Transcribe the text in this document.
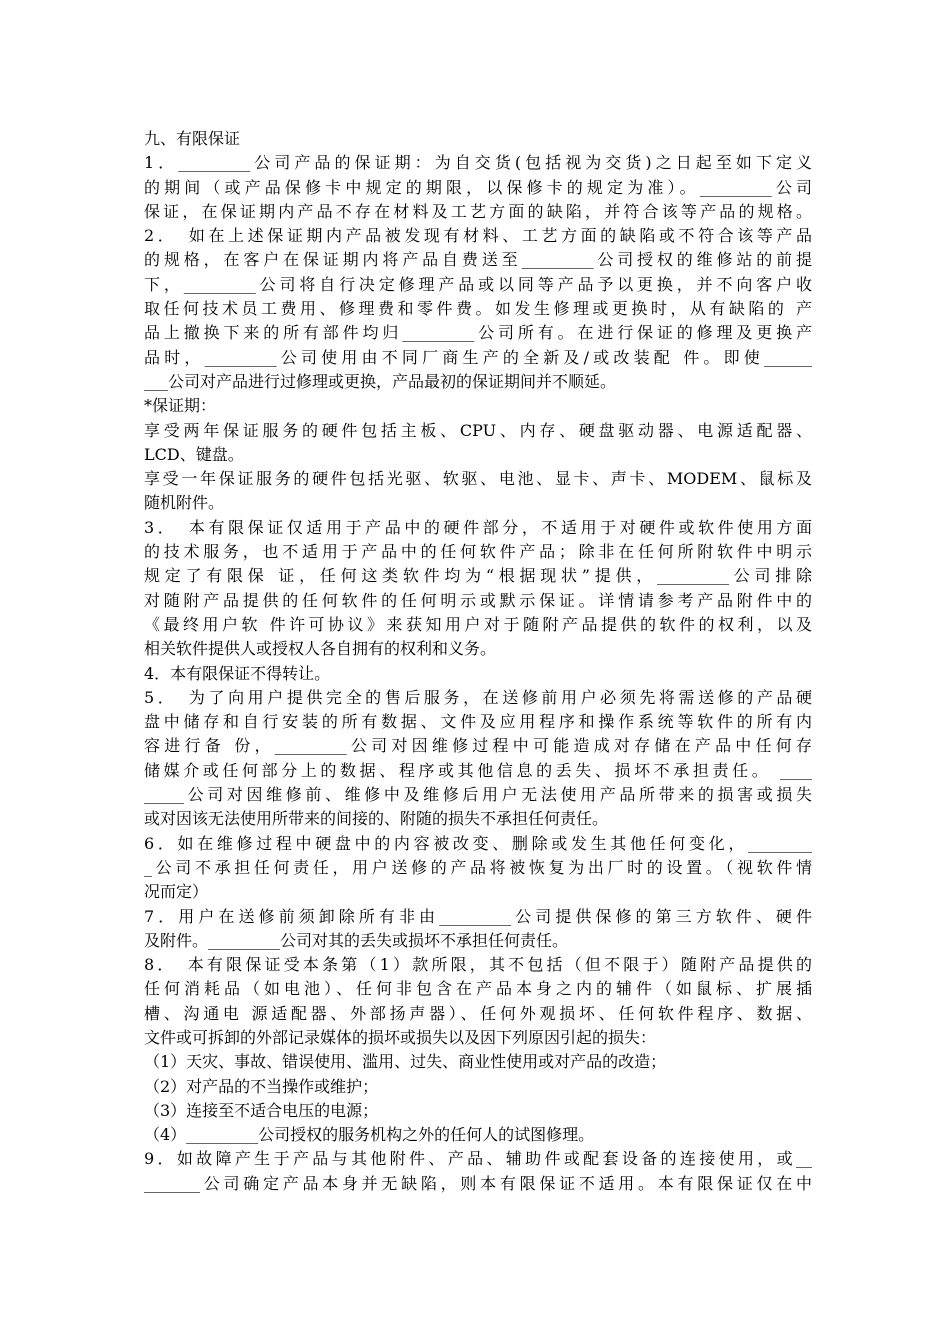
九、有限保证
1．_________公司产品的保证期：为自交货(包括视为交货)之日起至如下定义
的期间（或产品保修卡中规定的期限，以保修卡的规定为准）。_________公司
保证，在保证期内产品不存在材料及工艺方面的缺陷，并符合该等产品的规格。
2．　如在上述保证期内产品被发现有材料、工艺方面的缺陷或不符合该等产品
的规格，在客户在保证期内将产品自费送至_________公司授权的维修站的前提
下，_________公司将自行决定修理产品或以同等产品予以更换，并不向客户收
取任何技术员工费用、修理费和零件费。如发生修理或更换时，从有缺陷的 产
品上撤换下来的所有部件均归_________公司所有。在进行保证的修理及更换产
品时，_________公司使用由不同厂商生产的全新及/或改装配 件。即使______
___公司对产品进行过修理或更换，产品最初的保证期间并不顺延。
*保证期：
享受两年保证服务的硬件包括主板、CPU、内存、硬盘驱动器、电源适配器、
LCD、键盘。
享受一年保证服务的硬件包括光驱、软驱、电池、显卡、声卡、MODEM、鼠标及
随机附件。
3．　本有限保证仅适用于产品中的硬件部分，不适用于对硬件或软件使用方面
的技术服务，也不适用于产品中的任何软件产品；除非在任何所附软件中明示
规定了有限保 证，任何这类软件均为“根据现状”提供，_________公司排除
对随附产品提供的任何软件的任何明示或默示保证。详情请参考产品附件中的
《最终用户软 件许可协议》来获知用户对于随附产品提供的软件的权利，以及
相关软件提供人或授权人各自拥有的权利和义务。
4．本有限保证不得转让。
5．　为了向用户提供完全的售后服务，在送修前用户必须先将需送修的产品硬
盘中储存和自行安装的所有数据、文件及应用程序和操作系统等软件的所有内
容进行备 份，_________公司对因维修过程中可能造成对存储在产品中任何存
储媒介或任何部分上的数据、程序或其他信息的丢失、损坏不承担责任。 ____
_____公司对因维修前、维修中及维修后用户无法使用产品所带来的损害或损失
或对因该无法使用所带来的间接的、附随的损失不承担任何责任。
6．如在维修过程中硬盘中的内容被改变、删除或发生其他任何变化，________
_公司不承担任何责任，用户送修的产品将被恢复为出厂时的设置。（视软件情
况而定）
7．用户在送修前须卸除所有非由_________公司提供保修的第三方软件、硬件
及附件。_________公司对其的丢失或损坏不承担任何责任。
8．　本有限保证受本条第（1）款所限，其不包括（但不限于）随附产品提供的
任何消耗品（如电池）、任何非包含在产品本身之内的辅件（如鼠标、扩展插
槽、沟通电 源适配器、外部扬声器）、任何外观损坏、任何软件程序、数据、
文件或可拆卸的外部记录媒体的损坏或损失以及因下列原因引起的损失：
（1）天灾、事故、错误使用、滥用、过失、商业性使用或对产品的改造；
（2）对产品的不当操作或维护；
（3）连接至不适合电压的电源；
（4）_________公司授权的服务机构之外的任何人的试图修理。
9．如故障产生于产品与其他附件、产品、辅助件或配套设备的连接使用，或__
_______公司确定产品本身并无缺陷，则本有限保证不适用。本有限保证仅在中
